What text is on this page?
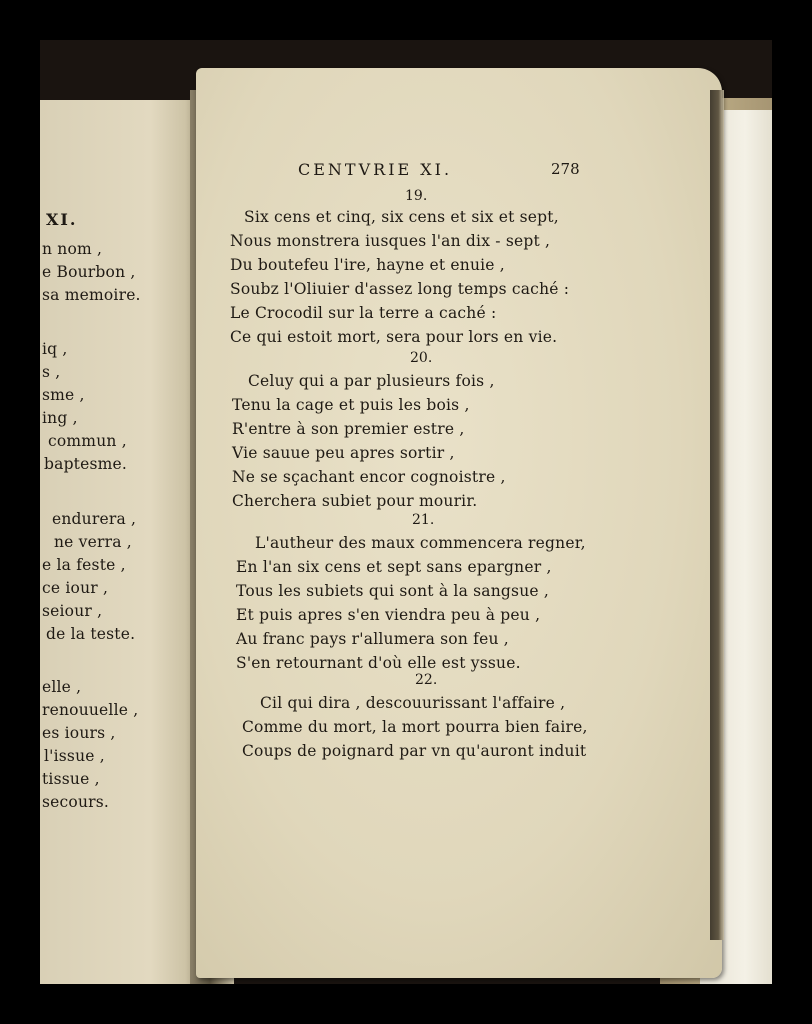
XI.
n nom ,
e Bourbon ,
sa memoire.
iq ,
s ,
sme ,
ing ,
commun ,
baptesme.
endurera ,
ne verra ,
e la feste ,
ce iour ,
seiour ,
de la teste.
elle ,
renouuelle ,
es iours ,
l'issue ,
tissue ,
secours.
CENTVRIE XI.	278
19.
Six cens et cinq, six cens et six et sept,
Nous monstrera iusques l'an dix - sept ,
Du boutefeu l'ire, hayne et enuie ,
Soubz l'Oliuier d'assez long temps caché :
Le Crocodil sur la terre a caché :
Ce qui estoit mort, sera pour lors en vie.
20.
Celuy qui a par plusieurs fois ,
Tenu la cage et puis les bois ,
R'entre à son premier estre ,
Vie sauue peu apres sortir ,
Ne se sçachant encor cognoistre ,
Cherchera subiet pour mourir.
21.
L'autheur des maux commencera regner,
En l'an six cens et sept sans epargner ,
Tous les subiets qui sont à la sangsue ,
Et puis apres s'en viendra peu à peu ,
Au franc pays r'allumera son feu ,
S'en retournant d'où elle est yssue.
22.
Cil qui dira , descouurissant l'affaire ,
Comme du mort, la mort pourra bien faire,
Coups de poignard par vn qu'auront induit
